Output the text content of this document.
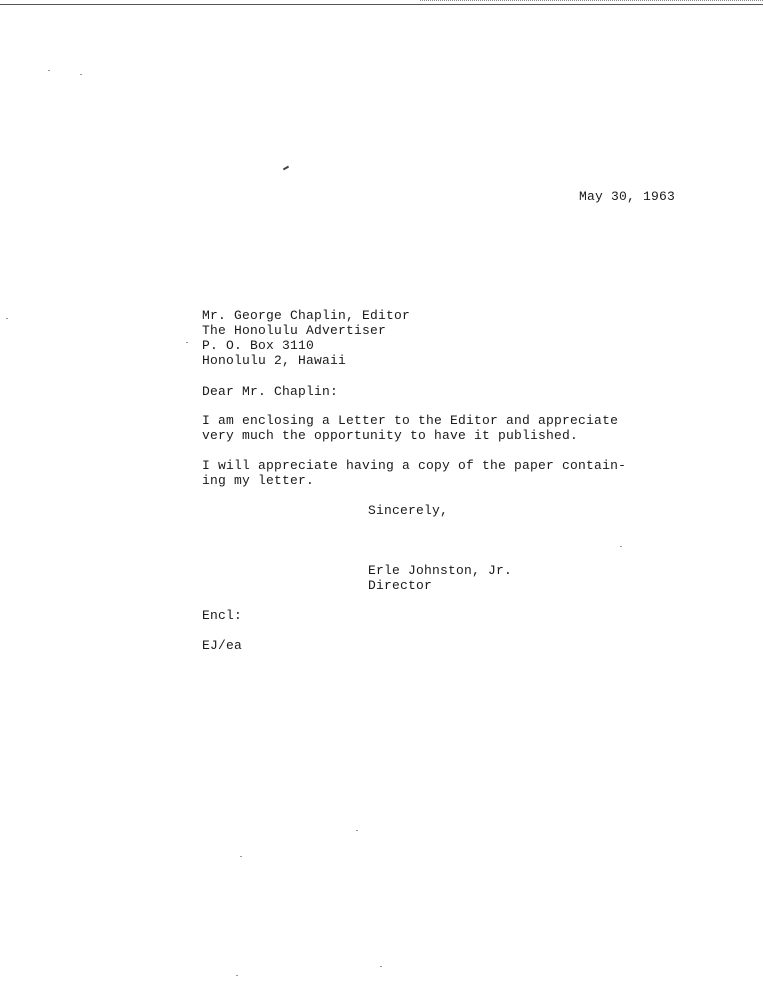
May 30, 1963
Mr. George Chaplin, Editor
The Honolulu Advertiser
P. O. Box 3110
Honolulu 2, Hawaii
Dear Mr. Chaplin:
I am enclosing a Letter to the Editor and appreciate
very much the opportunity to have it published.
I will appreciate having a copy of the paper contain-
ing my letter.
Sincerely,
Erle Johnston, Jr.
Director
Encl:
EJ/ea
